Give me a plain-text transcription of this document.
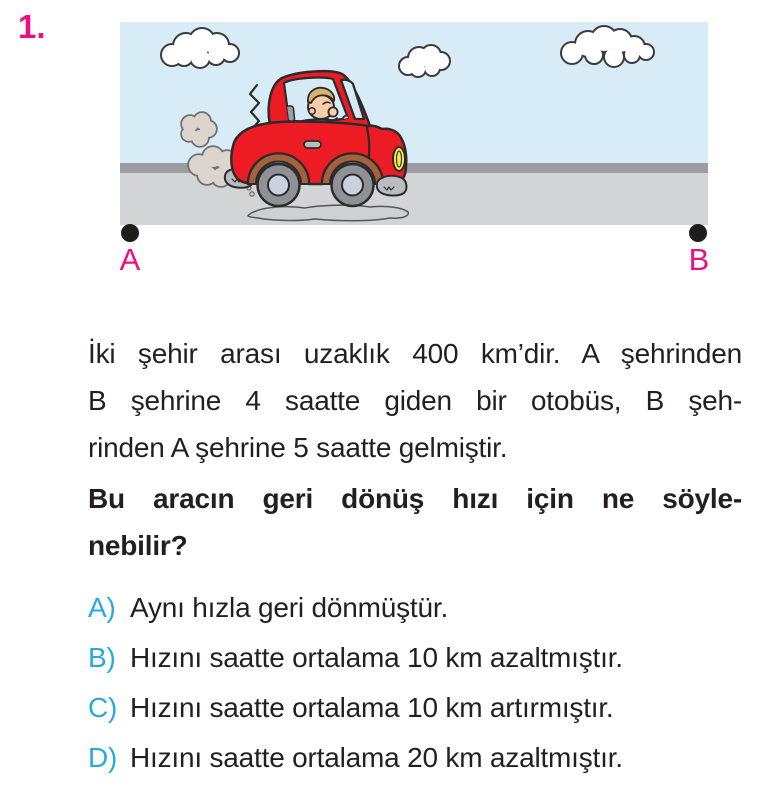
1.
A	B
İki şehir arası uzaklık 400 km’dir. A şehrinden
B şehrine 4 saatte giden bir otobüs, B şeh-
rinden A şehrine 5 saatte gelmiştir.
Bu aracın geri dönüş hızı için ne söyle-
nebilir?
A) Aynı hızla geri dönmüştür.
B) Hızını saatte ortalama 10 km azaltmıştır.
C) Hızını saatte ortalama 10 km artırmıştır.
D) Hızını saatte ortalama 20 km azaltmıştır.
